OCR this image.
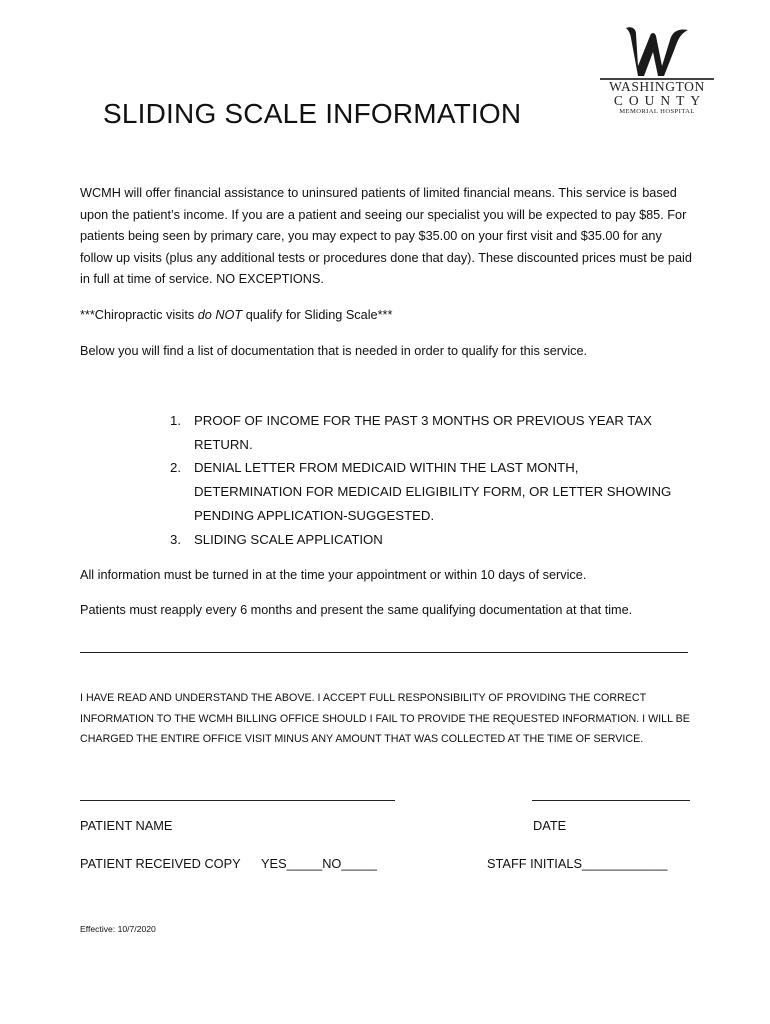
WASHINGTON
COUNTY
MEMORIAL HOSPITAL
SLIDING SCALE INFORMATION

WCMH will offer financial assistance to uninsured patients of limited financial means. This service is based upon the patient’s income. If you are a patient and seeing our specialist you will be expected to pay $85. For patients being seen by primary care, you may expect to pay $35.00 on your first visit and $35.00 for any follow up visits (plus any additional tests or procedures done that day). These discounted prices must be paid in full at time of service. NO EXCEPTIONS.

***Chiropractic visits do NOT qualify for Sliding Scale***

Below you will find a list of documentation that is needed in order to qualify for this service.

1. PROOF OF INCOME FOR THE PAST 3 MONTHS OR PREVIOUS YEAR TAX RETURN.
2. DENIAL LETTER FROM MEDICAID WITHIN THE LAST MONTH, DETERMINATION FOR MEDICAID ELIGIBILITY FORM, OR LETTER SHOWING PENDING APPLICATION-SUGGESTED.
3. SLIDING SCALE APPLICATION

All information must be turned in at the time your appointment or within 10 days of service.

Patients must reapply every 6 months and present the same qualifying documentation at that time.

I HAVE READ AND UNDERSTAND THE ABOVE. I ACCEPT FULL RESPONSIBILITY OF PROVIDING THE CORRECT INFORMATION TO THE WCMH BILLING OFFICE SHOULD I FAIL TO PROVIDE THE REQUESTED INFORMATION. I WILL BE CHARGED THE ENTIRE OFFICE VISIT MINUS ANY AMOUNT THAT WAS COLLECTED AT THE TIME OF SERVICE.

PATIENT NAME	DATE
PATIENT RECEIVED COPY YES_____NO_____	STAFF INITIALS____________
Effective: 10/7/2020
